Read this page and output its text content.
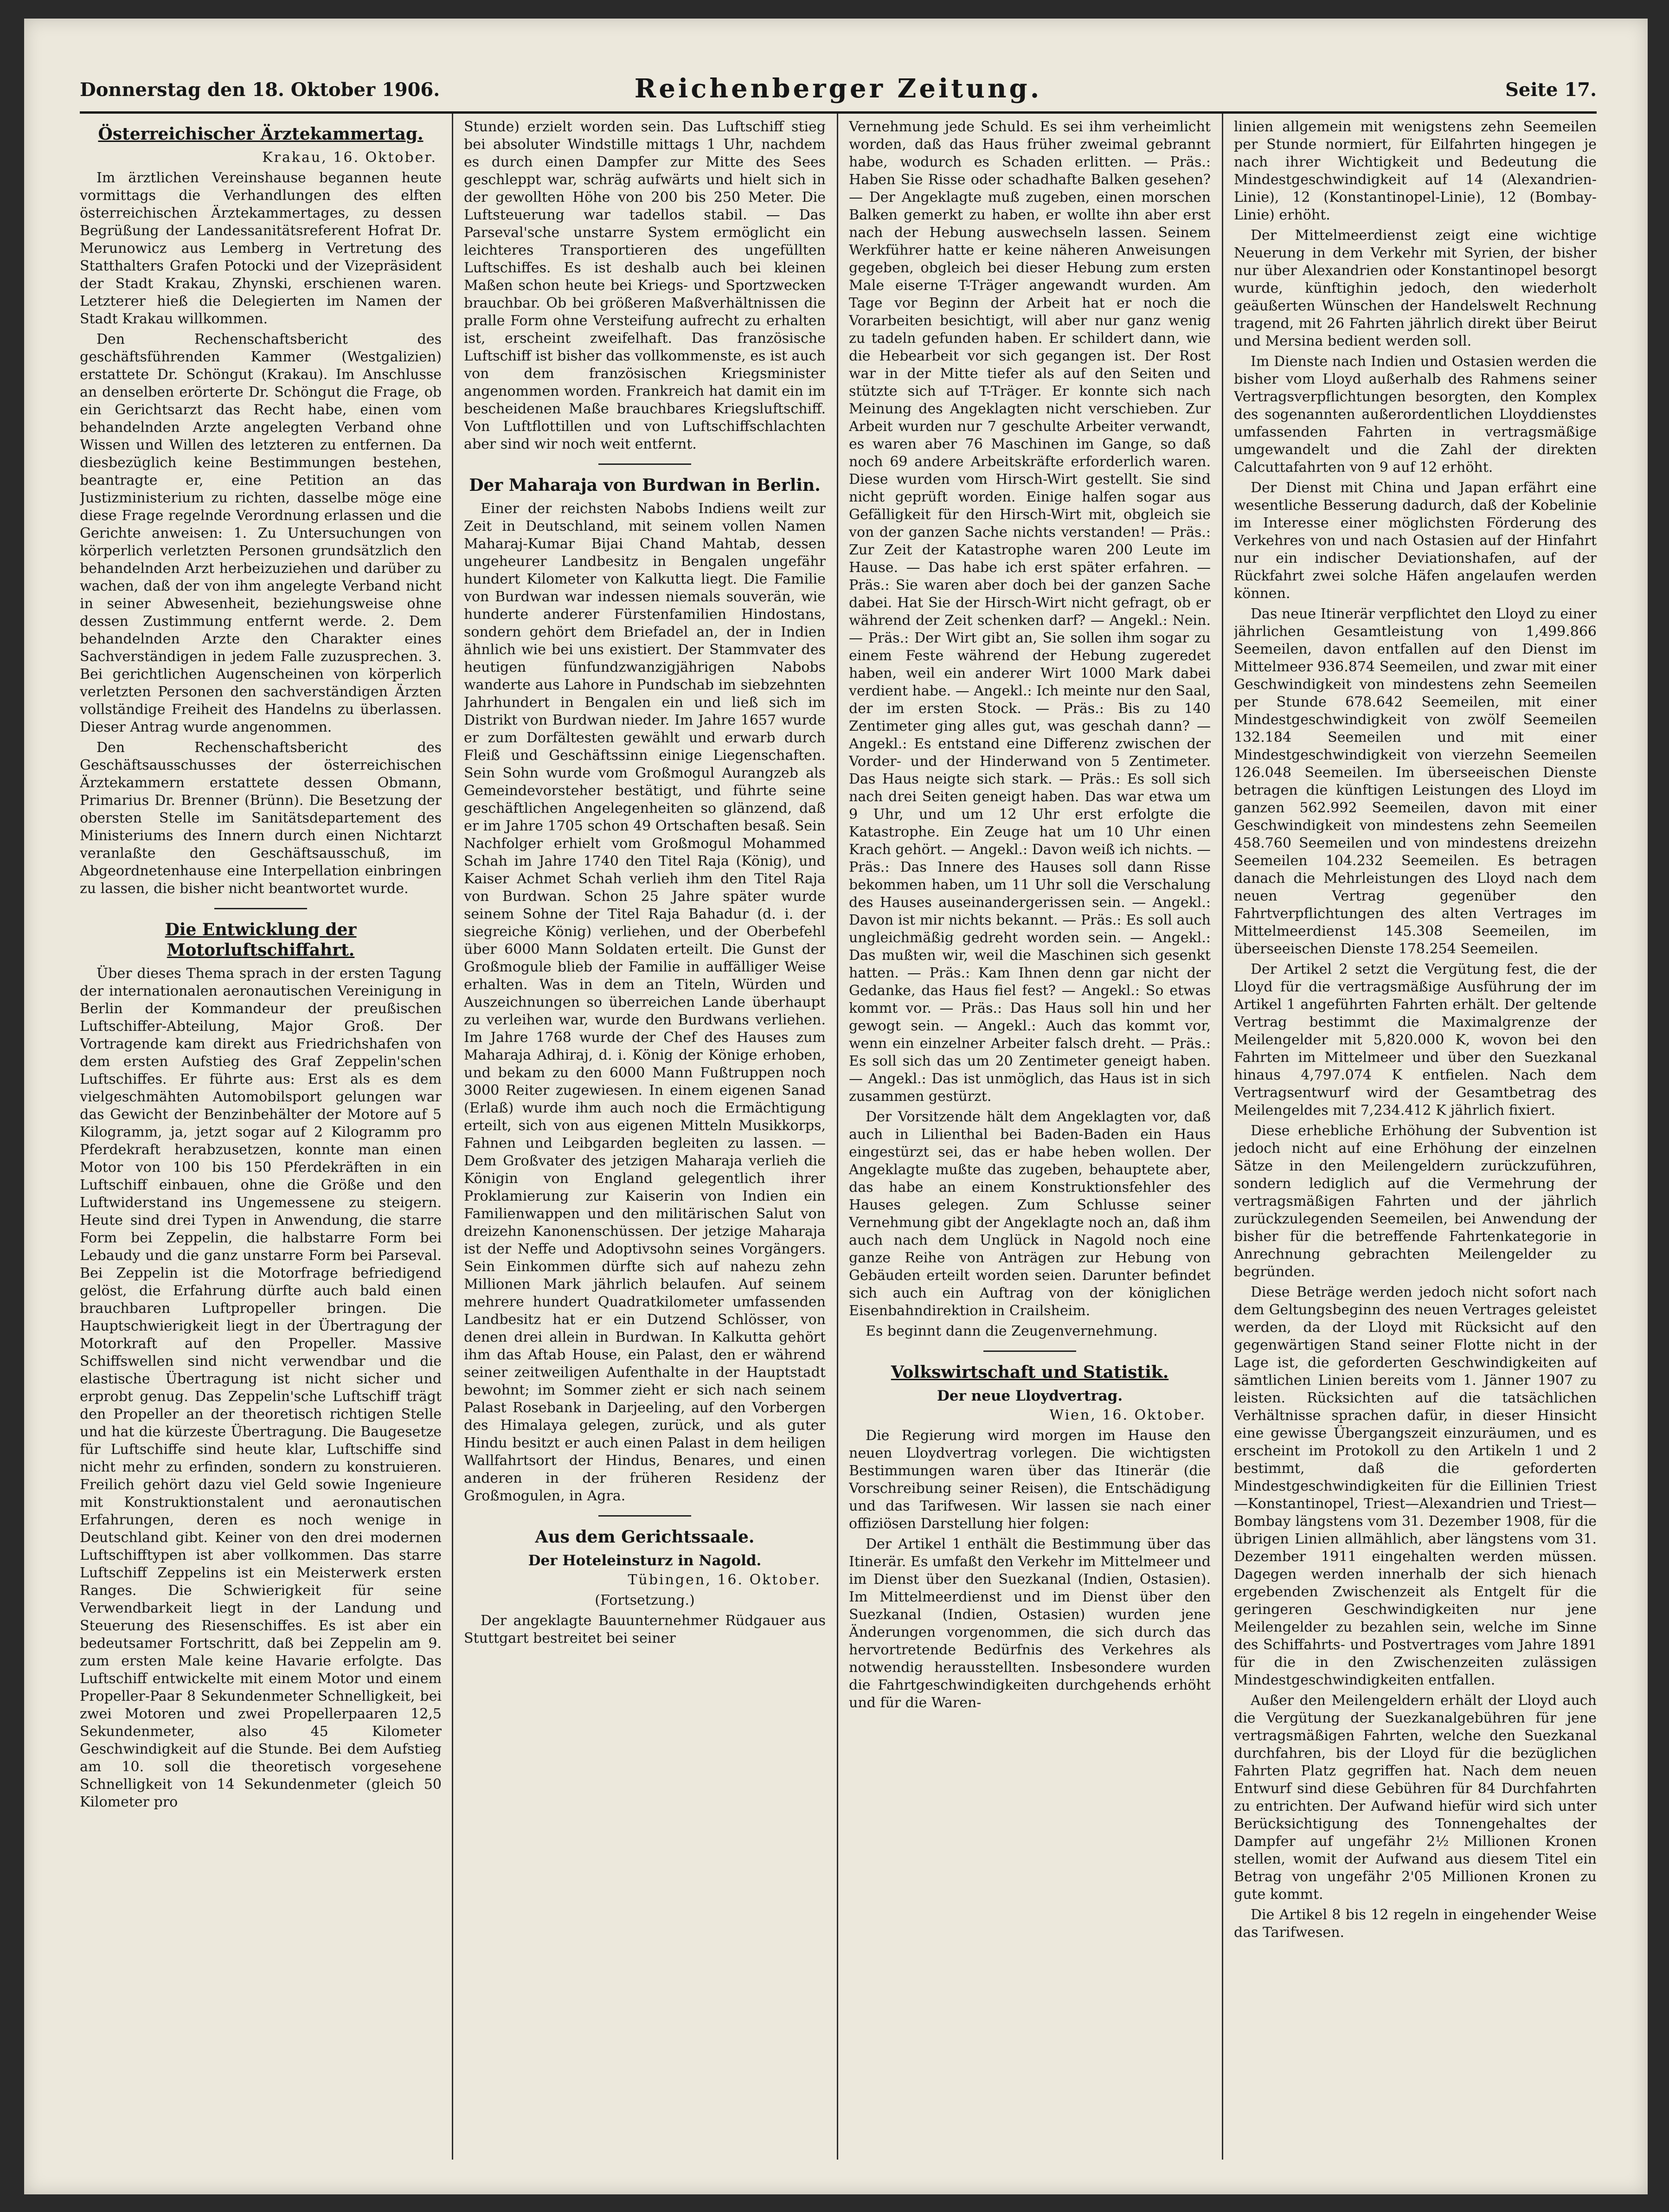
Donnerstag den 18. Oktober 1906.	Reichenberger Zeitung.	Seite 17.
Österreichischer Ärztekammertag.
Krakau, 16. Oktober.

Im ärztlichen Vereinshause begannen heute vormittags die Verhandlungen des elften österreichischen Ärztekammertages, zu dessen Begrüßung der Landessanitätsreferent Hofrat Dr. Merunowicz aus Lemberg in Vertretung des Statthalters Grafen Potocki und der Vizepräsident der Stadt Krakau, Zhynski, erschienen waren. Letzterer hieß die Delegierten im Namen der Stadt Krakau willkommen.

Den Rechenschaftsbericht des geschäftsführenden Kammer (Westgalizien) erstattete Dr. Schöngut (Krakau). Im Anschlusse an denselben erörterte Dr. Schöngut die Frage, ob ein Gerichtsarzt das Recht habe, einen vom behandelnden Arzte angelegten Verband ohne Wissen und Willen des letzteren zu entfernen. Da diesbezüglich keine Bestimmungen bestehen, beantragte er, eine Petition an das Justizministerium zu richten, dasselbe möge eine diese Frage regelnde Verordnung erlassen und die Gerichte anweisen: 1. Zu Untersuchungen von körperlich verletzten Personen grundsätzlich den behandelnden Arzt herbeizuziehen und darüber zu wachen, daß der von ihm angelegte Verband nicht in seiner Abwesenheit, beziehungsweise ohne dessen Zustimmung entfernt werde. 2. Dem behandelnden Arzte den Charakter eines Sachverständigen in jedem Falle zuzusprechen. 3. Bei gerichtlichen Augenscheinen von körperlich verletzten Personen den sachverständigen Ärzten vollständige Freiheit des Handelns zu überlassen. Dieser Antrag wurde angenommen.

Den Rechenschaftsbericht des Geschäftsausschusses der österreichischen Ärztekammern erstattete dessen Obmann, Primarius Dr. Brenner (Brünn). Die Besetzung der obersten Stelle im Sanitätsdepartement des Ministeriums des Innern durch einen Nichtarzt veranlaßte den Geschäftsausschuß, im Abgeordnetenhause eine Interpellation einbringen zu lassen, die bisher nicht beantwortet wurde.

Die Entwicklung der Motorluftschiffahrt.

Über dieses Thema sprach in der ersten Tagung der internationalen aeronautischen Vereinigung in Berlin der Kommandeur der preußischen Luftschiffer-Abteilung, Major Groß. Der Vortragende kam direkt aus Friedrichshafen von dem ersten Aufstieg des Graf Zeppelin'schen Luftschiffes. Er führte aus: Erst als es dem vielgeschmähten Automobilsport gelungen war das Gewicht der Benzinbehälter der Motore auf 5 Kilogramm, ja, jetzt sogar auf 2 Kilogramm pro Pferdekraft herabzusetzen, konnte man einen Motor von 100 bis 150 Pferdekräften in ein Luftschiff einbauen, ohne die Größe und den Luftwiderstand ins Ungemessene zu steigern. Heute sind drei Typen in Anwendung, die starre Form bei Zeppelin, die halbstarre Form bei Lebaudy und die ganz unstarre Form bei Parseval. Bei Zeppelin ist die Motorfrage befriedigend gelöst, die Erfahrung dürfte auch bald einen brauchbaren Luftpropeller bringen. Die Hauptschwierigkeit liegt in der Übertragung der Motorkraft auf den Propeller. Massive Schiffswellen sind nicht verwendbar und die elastische Übertragung ist nicht sicher und erprobt genug. Das Zeppelin'sche Luftschiff trägt den Propeller an der theoretisch richtigen Stelle und hat die kürzeste Übertragung. Die Baugesetze für Luftschiffe sind heute klar, Luftschiffe sind nicht mehr zu erfinden, sondern zu konstruieren. Freilich gehört dazu viel Geld sowie Ingenieure mit Konstruktionstalent und aeronautischen Erfahrungen, deren es noch wenige in Deutschland gibt. Keiner von den drei modernen Luftschifftypen ist aber vollkommen. Das starre Luftschiff Zeppelins ist ein Meisterwerk ersten Ranges. Die Schwierigkeit für seine Verwendbarkeit liegt in der Landung und Steuerung des Riesenschiffes. Es ist aber ein bedeutsamer Fortschritt, daß bei Zeppelin am 9. zum ersten Male keine Havarie erfolgte. Das Luftschiff entwickelte mit einem Motor und einem Propeller-Paar 8 Sekundenmeter Schnelligkeit, bei zwei Motoren und zwei Propellerpaaren 12,5 Sekundenmeter, also 45 Kilometer Geschwindigkeit auf die Stunde. Bei dem Aufstieg am 10. soll die theoretisch vorgesehene Schnelligkeit von 14 Sekundenmeter (gleich 50 Kilometer pro

Stunde) erzielt worden sein. Das Luftschiff stieg bei absoluter Windstille mittags 1 Uhr, nachdem es durch einen Dampfer zur Mitte des Sees geschleppt war, schräg aufwärts und hielt sich in der gewollten Höhe von 200 bis 250 Meter. Die Luftsteuerung war tadellos stabil. — Das Parseval'sche unstarre System ermöglicht ein leichteres Transportieren des ungefüllten Luftschiffes. Es ist deshalb auch bei kleinen Maßen schon heute bei Kriegs- und Sportzwecken brauchbar. Ob bei größeren Maßverhältnissen die pralle Form ohne Versteifung aufrecht zu erhalten ist, erscheint zweifelhaft. Das französische Luftschiff ist bisher das vollkommenste, es ist auch von dem französischen Kriegsminister angenommen worden. Frankreich hat damit ein im bescheidenen Maße brauchbares Kriegsluftschiff. Von Luftflottillen und von Luftschiffschlachten aber sind wir noch weit entfernt.

Der Maharaja von Burdwan in Berlin.

Einer der reichsten Nabobs Indiens weilt zur Zeit in Deutschland, mit seinem vollen Namen Maharaj-Kumar Bijai Chand Mahtab, dessen ungeheurer Landbesitz in Bengalen ungefähr hundert Kilometer von Kalkutta liegt. Die Familie von Burdwan war indessen niemals souverän, wie hunderte anderer Fürstenfamilien Hindostans, sondern gehört dem Briefadel an, der in Indien ähnlich wie bei uns existiert. Der Stammvater des heutigen fünfundzwanzigjährigen Nabobs wanderte aus Lahore in Pundschab im siebzehnten Jahrhundert in Bengalen ein und ließ sich im Distrikt von Burdwan nieder. Im Jahre 1657 wurde er zum Dorfältesten gewählt und erwarb durch Fleiß und Geschäftssinn einige Liegenschaften. Sein Sohn wurde vom Großmogul Aurangzeb als Gemeindevorsteher bestätigt, und führte seine geschäftlichen Angelegenheiten so glänzend, daß er im Jahre 1705 schon 49 Ortschaften besaß. Sein Nachfolger erhielt vom Großmogul Mohammed Schah im Jahre 1740 den Titel Raja (König), und Kaiser Achmet Schah verlieh ihm den Titel Raja von Burdwan. Schon 25 Jahre später wurde seinem Sohne der Titel Raja Bahadur (d. i. der siegreiche König) verliehen, und der Oberbefehl über 6000 Mann Soldaten erteilt. Die Gunst der Großmogule blieb der Familie in auffälliger Weise erhalten. Was in dem an Titeln, Würden und Auszeichnungen so überreichen Lande überhaupt zu verleihen war, wurde den Burdwans verliehen. Im Jahre 1768 wurde der Chef des Hauses zum Maharaja Adhiraj, d. i. König der Könige erhoben, und bekam zu den 6000 Mann Fußtruppen noch 3000 Reiter zugewiesen. In einem eigenen Sanad (Erlaß) wurde ihm auch noch die Ermächtigung erteilt, sich von aus eigenen Mitteln Musikkorps, Fahnen und Leibgarden begleiten zu lassen. — Dem Großvater des jetzigen Maharaja verlieh die Königin von England gelegentlich ihrer Proklamierung zur Kaiserin von Indien ein Familienwappen und den militärischen Salut von dreizehn Kanonenschüssen. Der jetzige Maharaja ist der Neffe und Adoptivsohn seines Vorgängers. Sein Einkommen dürfte sich auf nahezu zehn Millionen Mark jährlich belaufen. Auf seinem mehrere hundert Quadratkilometer umfassenden Landbesitz hat er ein Dutzend Schlösser, von denen drei allein in Burdwan. In Kalkutta gehört ihm das Aftab House, ein Palast, den er während seiner zeitweiligen Aufenthalte in der Hauptstadt bewohnt; im Sommer zieht er sich nach seinem Palast Rosebank in Darjeeling, auf den Vorbergen des Himalaya gelegen, zurück, und als guter Hindu besitzt er auch einen Palast in dem heiligen Wallfahrtsort der Hindus, Benares, und einen anderen in der früheren Residenz der Großmogulen, in Agra.

Aus dem Gerichtssaale.
Der Hoteleinsturz in Nagold.
Tübingen, 16. Oktober.
(Fortsetzung.)

Der angeklagte Bauunternehmer Rüdgauer aus Stuttgart bestreitet bei seiner

Vernehmung jede Schuld. Es sei ihm verheimlicht worden, daß das Haus früher zweimal gebrannt habe, wodurch es Schaden erlitten. — Präs.: Haben Sie Risse oder schadhafte Balken gesehen? — Der Angeklagte muß zugeben, einen morschen Balken gemerkt zu haben, er wollte ihn aber erst nach der Hebung auswechseln lassen. Seinem Werkführer hatte er keine näheren Anweisungen gegeben, obgleich bei dieser Hebung zum ersten Male eiserne T-Träger angewandt wurden. Am Tage vor Beginn der Arbeit hat er noch die Vorarbeiten besichtigt, will aber nur ganz wenig zu tadeln gefunden haben. Er schildert dann, wie die Hebearbeit vor sich gegangen ist. Der Rost war in der Mitte tiefer als auf den Seiten und stützte sich auf T-Träger. Er konnte sich nach Meinung des Angeklagten nicht verschieben. Zur Arbeit wurden nur 7 geschulte Arbeiter verwandt, es waren aber 76 Maschinen im Gange, so daß noch 69 andere Arbeitskräfte erforderlich waren. Diese wurden vom Hirsch-Wirt gestellt. Sie sind nicht geprüft worden. Einige halfen sogar aus Gefälligkeit für den Hirsch-Wirt mit, obgleich sie von der ganzen Sache nichts verstanden! — Präs.: Zur Zeit der Katastrophe waren 200 Leute im Hause. — Das habe ich erst später erfahren. — Präs.: Sie waren aber doch bei der ganzen Sache dabei. Hat Sie der Hirsch-Wirt nicht gefragt, ob er während der Zeit schenken darf? — Angekl.: Nein. — Präs.: Der Wirt gibt an, Sie sollen ihm sogar zu einem Feste während der Hebung zugeredet haben, weil ein anderer Wirt 1000 Mark dabei verdient habe. — Angekl.: Ich meinte nur den Saal, der im ersten Stock. — Präs.: Bis zu 140 Zentimeter ging alles gut, was geschah dann? — Angekl.: Es entstand eine Differenz zwischen der Vorder- und der Hinderwand von 5 Zentimeter. Das Haus neigte sich stark. — Präs.: Es soll sich nach drei Seiten geneigt haben. Das war etwa um 9 Uhr, und um 12 Uhr erst erfolgte die Katastrophe. Ein Zeuge hat um 10 Uhr einen Krach gehört. — Angekl.: Davon weiß ich nichts. — Präs.: Das Innere des Hauses soll dann Risse bekommen haben, um 11 Uhr soll die Verschalung des Hauses auseinandergerissen sein. — Angekl.: Davon ist mir nichts bekannt. — Präs.: Es soll auch ungleichmäßig gedreht worden sein. — Angekl.: Das mußten wir, weil die Maschinen sich gesenkt hatten. — Präs.: Kam Ihnen denn gar nicht der Gedanke, das Haus fiel fest? — Angekl.: So etwas kommt vor. — Präs.: Das Haus soll hin und her gewogt sein. — Angekl.: Auch das kommt vor, wenn ein einzelner Arbeiter falsch dreht. — Präs.: Es soll sich das um 20 Zentimeter geneigt haben. — Angekl.: Das ist unmöglich, das Haus ist in sich zusammen gestürzt.

Der Vorsitzende hält dem Angeklagten vor, daß auch in Lilienthal bei Baden-Baden ein Haus eingestürzt sei, das er habe heben wollen. Der Angeklagte mußte das zugeben, behauptete aber, das habe an einem Konstruktionsfehler des Hauses gelegen. Zum Schlusse seiner Vernehmung gibt der Angeklagte noch an, daß ihm auch nach dem Unglück in Nagold noch eine ganze Reihe von Anträgen zur Hebung von Gebäuden erteilt worden seien. Darunter befindet sich auch ein Auftrag von der königlichen Eisenbahndirektion in Crailsheim.

Es beginnt dann die Zeugenvernehmung.

Volkswirtschaft und Statistik.
Der neue Lloydvertrag.
Wien, 16. Oktober.

Die Regierung wird morgen im Hause den neuen Lloydvertrag vorlegen. Die wichtigsten Bestimmungen waren über das Itinerär (die Vorschreibung seiner Reisen), die Entschädigung und das Tarifwesen. Wir lassen sie nach einer offiziösen Darstellung hier folgen:

Der Artikel 1 enthält die Bestimmung über das Itinerär. Es umfaßt den Verkehr im Mittelmeer und im Dienst über den Suezkanal (Indien, Ostasien). Im Mittelmeerdienst und im Dienst über den Suezkanal (Indien, Ostasien) wurden jene Änderungen vorgenommen, die sich durch das hervortretende Bedürfnis des Verkehres als notwendig herausstellten. Insbesondere wurden die Fahrtgeschwindigkeiten durchgehends erhöht und für die Waren-

linien allgemein mit wenigstens zehn Seemeilen per Stunde normiert, für Eilfahrten hingegen je nach ihrer Wichtigkeit und Bedeutung die Mindestgeschwindigkeit auf 14 (Alexandrien-Linie), 12 (Konstantinopel-Linie), 12 (Bombay-Linie) erhöht.

Der Mittelmeerdienst zeigt eine wichtige Neuerung in dem Verkehr mit Syrien, der bisher nur über Alexandrien oder Konstantinopel besorgt wurde, künftighin jedoch, den wiederholt geäußerten Wünschen der Handelswelt Rechnung tragend, mit 26 Fahrten jährlich direkt über Beirut und Mersina bedient werden soll.

Im Dienste nach Indien und Ostasien werden die bisher vom Lloyd außerhalb des Rahmens seiner Vertragsverpflichtungen besorgten, den Komplex des sogenannten außerordentlichen Lloyddienstes umfassenden Fahrten in vertragsmäßige umgewandelt und die Zahl der direkten Calcuttafahrten von 9 auf 12 erhöht.

Der Dienst mit China und Japan erfährt eine wesentliche Besserung dadurch, daß der Kobelinie im Interesse einer möglichsten Förderung des Verkehres von und nach Ostasien auf der Hinfahrt nur ein indischer Deviationshafen, auf der Rückfahrt zwei solche Häfen angelaufen werden können.

Das neue Itinerär verpflichtet den Lloyd zu einer jährlichen Gesamtleistung von 1,499.866 Seemeilen, davon entfallen auf den Dienst im Mittelmeer 936.874 Seemeilen, und zwar mit einer Geschwindigkeit von mindestens zehn Seemeilen per Stunde 678.642 Seemeilen, mit einer Mindestgeschwindigkeit von zwölf Seemeilen 132.184 Seemeilen und mit einer Mindestgeschwindigkeit von vierzehn Seemeilen 126.048 Seemeilen. Im überseeischen Dienste betragen die künftigen Leistungen des Lloyd im ganzen 562.992 Seemeilen, davon mit einer Geschwindigkeit von mindestens zehn Seemeilen 458.760 Seemeilen und von mindestens dreizehn Seemeilen 104.232 Seemeilen. Es betragen danach die Mehrleistungen des Lloyd nach dem neuen Vertrag gegenüber den Fahrtverpflichtungen des alten Vertrages im Mittelmeerdienst 145.308 Seemeilen, im überseeischen Dienste 178.254 Seemeilen.

Der Artikel 2 setzt die Vergütung fest, die der Lloyd für die vertragsmäßige Ausführung der im Artikel 1 angeführten Fahrten erhält. Der geltende Vertrag bestimmt die Maximalgrenze der Meilengelder mit 5,820.000 K, wovon bei den Fahrten im Mittelmeer und über den Suezkanal hinaus 4,797.074 K entfielen. Nach dem Vertragsentwurf wird der Gesamtbetrag des Meilengeldes mit 7,234.412 K jährlich fixiert.

Diese erhebliche Erhöhung der Subvention ist jedoch nicht auf eine Erhöhung der einzelnen Sätze in den Meilengeldern zurückzuführen, sondern lediglich auf die Vermehrung der vertragsmäßigen Fahrten und der jährlich zurückzulegenden Seemeilen, bei Anwendung der bisher für die betreffende Fahrtenkategorie in Anrechnung gebrachten Meilengelder zu begründen.

Diese Beträge werden jedoch nicht sofort nach dem Geltungsbeginn des neuen Vertrages geleistet werden, da der Lloyd mit Rücksicht auf den gegenwärtigen Stand seiner Flotte nicht in der Lage ist, die geforderten Geschwindigkeiten auf sämtlichen Linien bereits vom 1. Jänner 1907 zu leisten. Rücksichten auf die tatsächlichen Verhältnisse sprachen dafür, in dieser Hinsicht eine gewisse Übergangszeit einzuräumen, und es erscheint im Protokoll zu den Artikeln 1 und 2 bestimmt, daß die geforderten Mindestgeschwindigkeiten für die Eillinien Triest—Konstantinopel, Triest—Alexandrien und Triest—Bombay längstens vom 31. Dezember 1908, für die übrigen Linien allmählich, aber längstens vom 31. Dezember 1911 eingehalten werden müssen. Dagegen werden innerhalb der sich hienach ergebenden Zwischenzeit als Entgelt für die geringeren Geschwindigkeiten nur jene Meilengelder zu bezahlen sein, welche im Sinne des Schiffahrts- und Postvertrages vom Jahre 1891 für die in den Zwischenzeiten zulässigen Mindestgeschwindigkeiten entfallen.

Außer den Meilengeldern erhält der Lloyd auch die Vergütung der Suezkanalgebühren für jene vertragsmäßigen Fahrten, welche den Suezkanal durchfahren, bis der Lloyd für die bezüglichen Fahrten Platz gegriffen hat. Nach dem neuen Entwurf sind diese Gebühren für 84 Durchfahrten zu entrichten. Der Aufwand hiefür wird sich unter Berücksichtigung des Tonnengehaltes der Dampfer auf ungefähr 2½ Millionen Kronen stellen, womit der Aufwand aus diesem Titel ein Betrag von ungefähr 2'05 Millionen Kronen zu gute kommt.

Die Artikel 8 bis 12 regeln in eingehender Weise das Tarifwesen.
